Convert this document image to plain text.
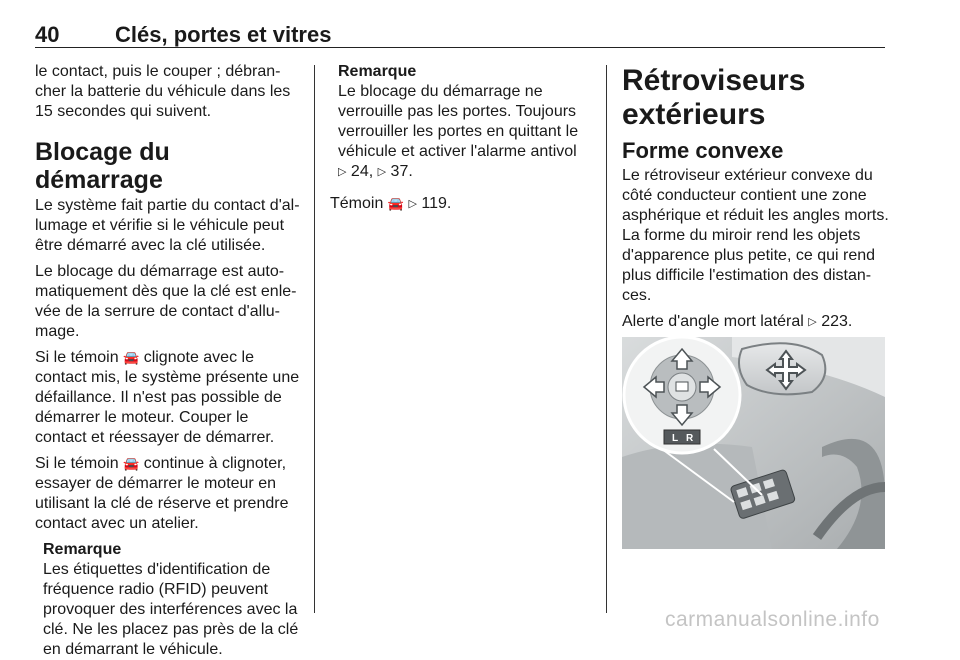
40	Clés, portes et vitres

le contact, puis le couper ; débrancher la batterie du véhicule dans les 15 secondes qui suivent.

Blocage du démarrage

Le système fait partie du contact d'allumage et vérifie si le véhicule peut être démarré avec la clé utilisée.

Le blocage du démarrage est automatiquement dès que la clé est enlevée de la serrure de contact d'allumage.

Si le témoin 🚘 clignote avec le contact mis, le système présente une défaillance. Il n'est pas possible de démarrer le moteur. Couper le contact et réessayer de démarrer.

Si le témoin 🚘 continue à clignoter, essayer de démarrer le moteur en utilisant la clé de réserve et prendre contact avec un atelier.

Remarque
Les étiquettes d'identification de fréquence radio (RFID) peuvent provoquer des interférences avec la clé. Ne les placez pas près de la clé en démarrant le véhicule.
Remarque
Le blocage du démarrage ne verrouille pas les portes. Toujours verrouiller les portes en quittant le véhicule et activer l'alarme antivol ▷ 24, ▷ 37.

Témoin 🚘 ▷ 119.

Rétroviseurs extérieurs
Forme convexe

Le rétroviseur extérieur convexe du côté conducteur contient une zone asphérique et réduit les angles morts. La forme du miroir rend les objets d'apparence plus petite, ce qui rend plus difficile l'estimation des distances.

Alerte d'angle mort latéral ▷ 223.

L R
carmanualsonline.info
